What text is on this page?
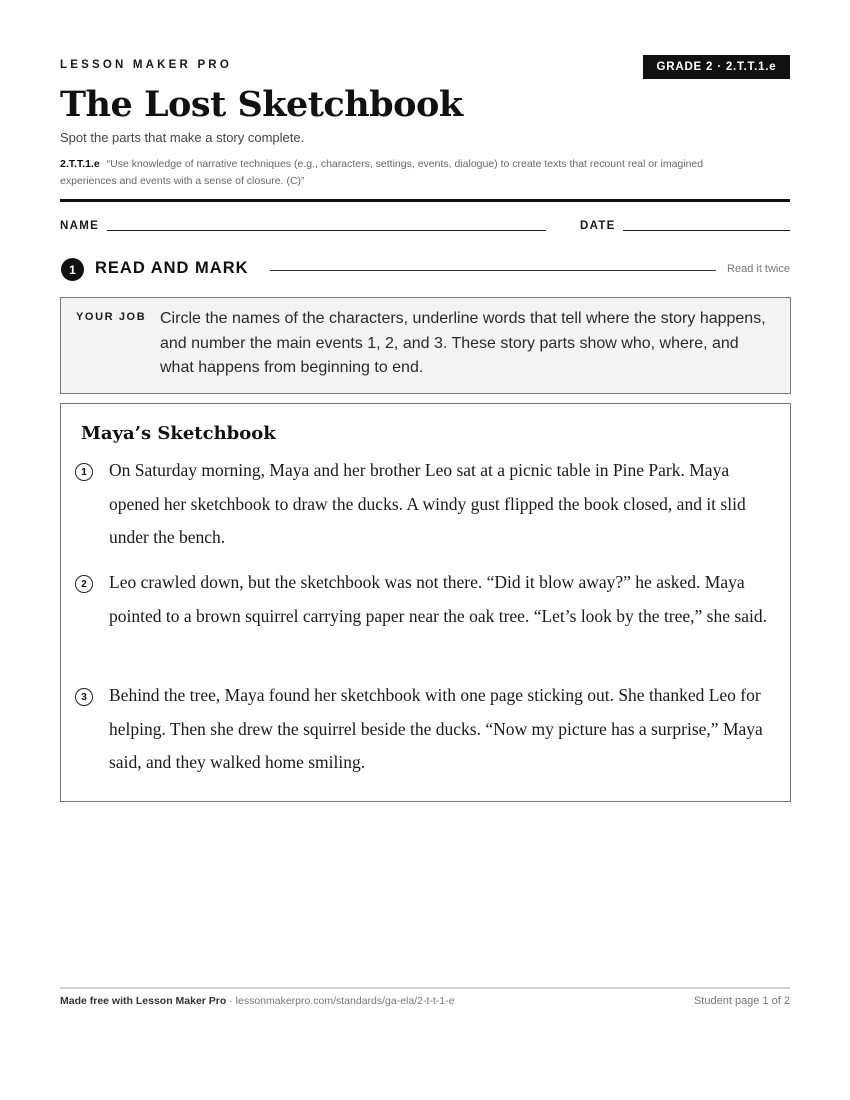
LESSON MAKER PRO	GRADE 2 · 2.T.T.1.e
The Lost Sketchbook
Spot the parts that make a story complete.
2.T.T.1.e “Use knowledge of narrative techniques (e.g., characters, settings, events, dialogue) to create texts that recount real or imagined experiences and events with a sense of closure. (C)”
NAME	DATE
1	READ AND MARK	Read it twice
YOUR JOB Circle the names of the characters, underline words that tell where the story happens, and number the main events 1, 2, and 3. These story parts show who, where, and what happens from beginning to end.
Maya’s Sketchbook
1	On Saturday morning, Maya and her brother Leo sat at a picnic table in Pine Park. Maya opened her sketchbook to draw the ducks. A windy gust flipped the book closed, and it slid under the bench.
2	Leo crawled down, but the sketchbook was not there. “Did it blow away?” he asked. Maya pointed to a brown squirrel carrying paper near the oak tree. “Let’s look by the tree,” she said.
3	Behind the tree, Maya found her sketchbook with one page sticking out. She thanked Leo for helping. Then she drew the squirrel beside the ducks. “Now my picture has a surprise,” Maya said, and they walked home smiling.
Made free with Lesson Maker Pro · lessonmakerpro.com/standards/ga-ela/2-t-t-1-e	Student page 1 of 2
